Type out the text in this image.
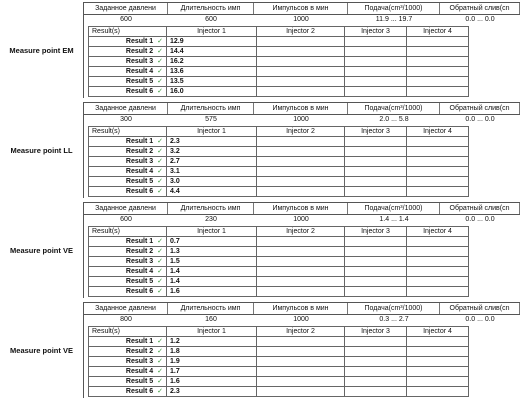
Measure point EM
Заданное давлени	Длительность имп	Импульсов в мин	Подача(cm³/1000)	Обратный слив(cn
600	600	1000	11.9 ... 19.7	0.0 ... 0.0
Result(s)	Injector 1	Injector 2	Injector 3	Injector 4
Result 1 ✓	12.9			
Result 2 ✓	14.4			
Result 3 ✓	16.2			
Result 4 ✓	13.6			
Result 5 ✓	13.5			
Result 6 ✓	16.0			
Measure point LL
Заданное давлени	Длительность имп	Импульсов в мин	Подача(cm³/1000)	Обратный слив(cn
300	575	1000	2.0 ... 5.8	0.0 ... 0.0
Result(s)	Injector 1	Injector 2	Injector 3	Injector 4
Result 1 ✓	2.3			
Result 2 ✓	3.2			
Result 3 ✓	2.7			
Result 4 ✓	3.1			
Result 5 ✓	3.0			
Result 6 ✓	4.4			
Measure point VE
Заданное давлени	Длительность имп	Импульсов в мин	Подача(cm³/1000)	Обратный слив(cn
600	230	1000	1.4 ... 1.4	0.0 ... 0.0
Result(s)	Injector 1	Injector 2	Injector 3	Injector 4
Result 1 ✓	0.7			
Result 2 ✓	1.3			
Result 3 ✓	1.5			
Result 4 ✓	1.4			
Result 5 ✓	1.4			
Result 6 ✓	1.6			
Measure point VE
Заданное давлени	Длительность имп	Импульсов в мин	Подача(cm³/1000)	Обратный слив(cn
800	160	1000	0.3 ... 2.7	0.0 ... 0.0
Result(s)	Injector 1	Injector 2	Injector 3	Injector 4
Result 1 ✓	1.2			
Result 2 ✓	1.8			
Result 3 ✓	1.9			
Result 4 ✓	1.7			
Result 5 ✓	1.6			
Result 6 ✓	2.3			
